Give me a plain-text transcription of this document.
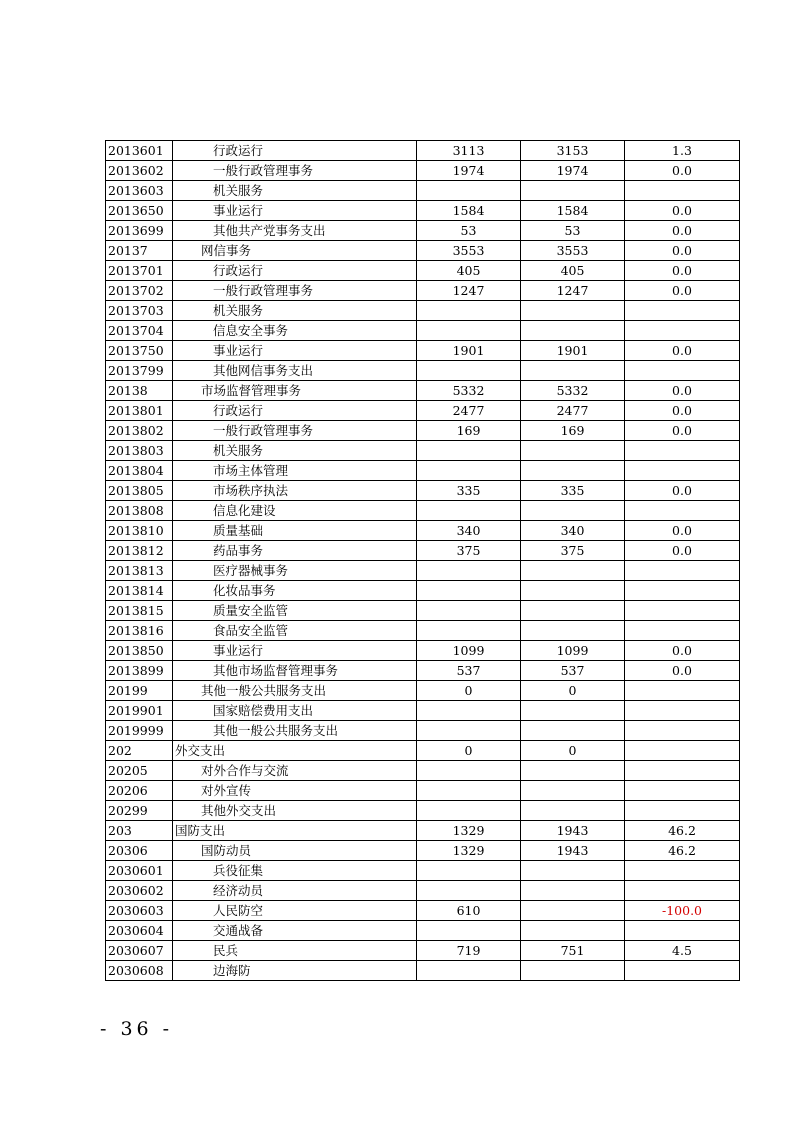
2013601	行政运行	3113	3153	1.3
2013602	一般行政管理事务	1974	1974	0.0
2013603	机关服务			
2013650	事业运行	1584	1584	0.0
2013699	其他共产党事务支出	53	53	0.0
20137	网信事务	3553	3553	0.0
2013701	行政运行	405	405	0.0
2013702	一般行政管理事务	1247	1247	0.0
2013703	机关服务			
2013704	信息安全事务			
2013750	事业运行	1901	1901	0.0
2013799	其他网信事务支出			
20138	市场监督管理事务	5332	5332	0.0
2013801	行政运行	2477	2477	0.0
2013802	一般行政管理事务	169	169	0.0
2013803	机关服务			
2013804	市场主体管理			
2013805	市场秩序执法	335	335	0.0
2013808	信息化建设			
2013810	质量基础	340	340	0.0
2013812	药品事务	375	375	0.0
2013813	医疗器械事务			
2013814	化妆品事务			
2013815	质量安全监管			
2013816	食品安全监管			
2013850	事业运行	1099	1099	0.0
2013899	其他市场监督管理事务	537	537	0.0
20199	其他一般公共服务支出	0	0	
2019901	国家赔偿费用支出			
2019999	其他一般公共服务支出			
202	外交支出	0	0	
20205	对外合作与交流			
20206	对外宣传			
20299	其他外交支出			
203	国防支出	1329	1943	46.2
20306	国防动员	1329	1943	46.2
2030601	兵役征集			
2030602	经济动员			
2030603	人民防空	610		-100.0
2030604	交通战备			
2030607	民兵	719	751	4.5
2030608	边海防			
- 36 -
